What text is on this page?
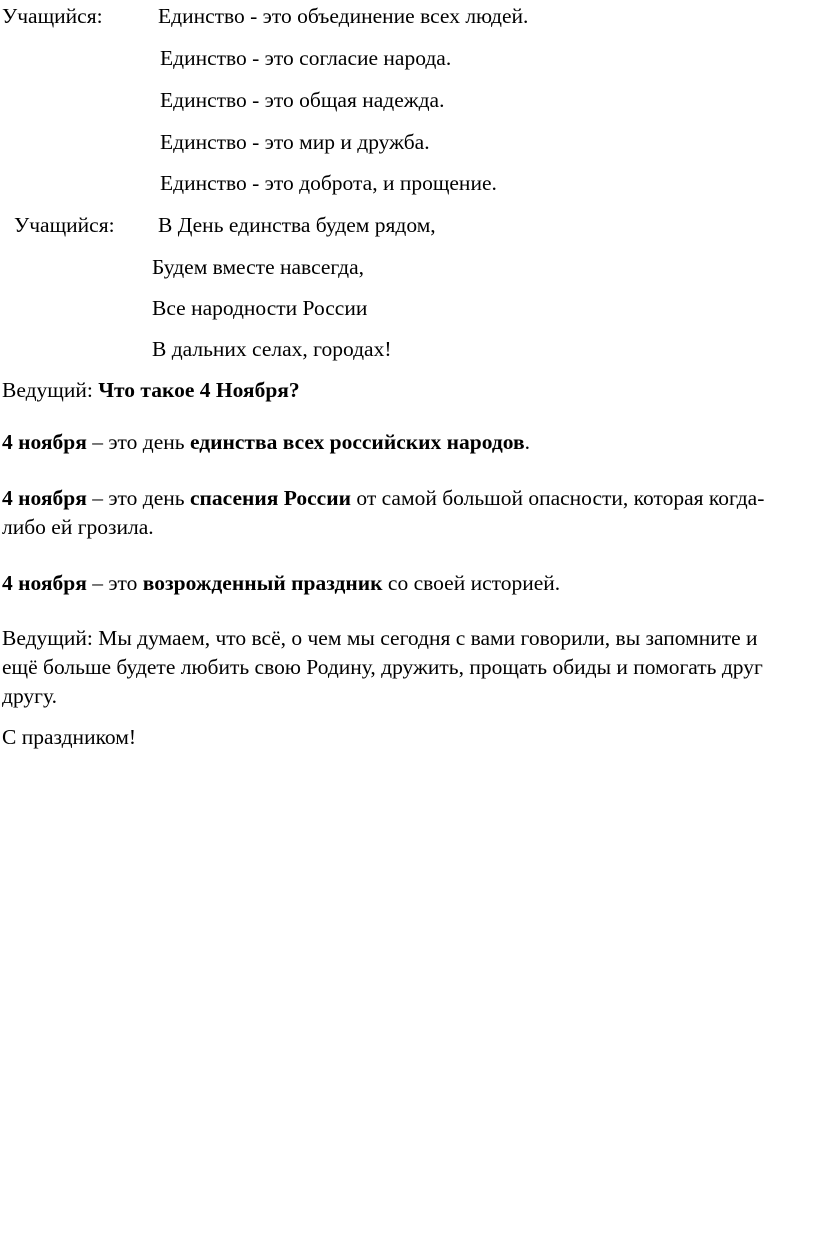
Учащийся:	Единство - это объединение всех людей.
Единство - это согласие народа.
Единство - это общая надежда.
Единство - это мир и дружба.
Единство - это доброта, и прощение.
Учащийся: В День единства будем рядом,
Будем вместе навсегда,
Все народности России
В дальних селах, городах!
Ведущий: Что такое 4 Ноября?
4 ноября – это день единства всех российских народов.
4 ноября – это день спасения России от самой большой опасности, которая когда-либо ей грозила.
4 ноября – это возрожденный праздник со своей историей.
Ведущий: Мы думаем, что всё, о чем мы сегодня с вами говорили, вы запомните и ещё больше будете любить свою Родину, дружить, прощать обиды и помогать друг другу.
С праздником!
